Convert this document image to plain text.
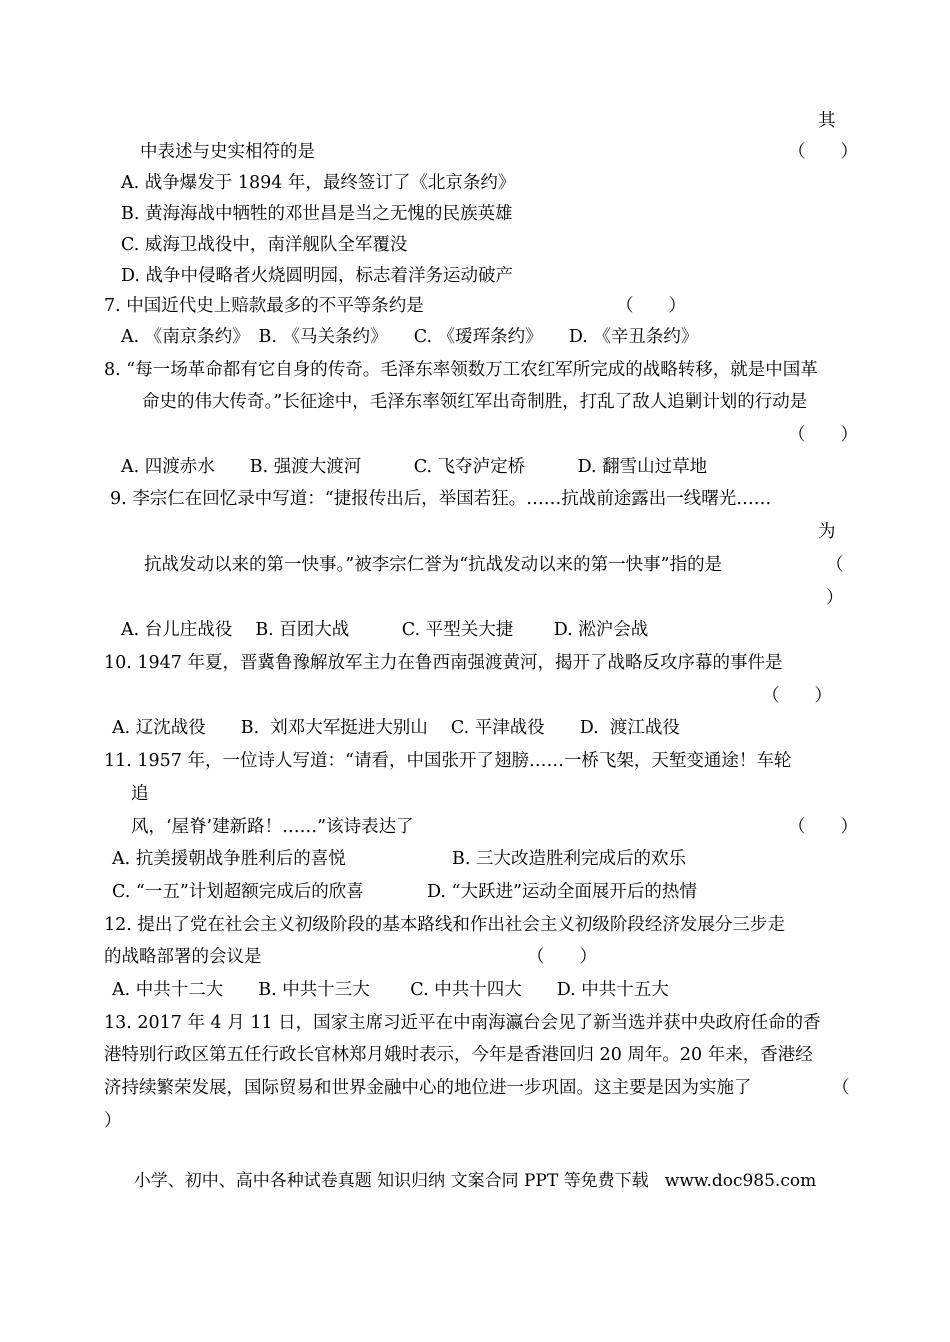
其
中表述与史实相符的是	（　　）
A. 战争爆发于 1894 年，最终签订了《北京条约》
B. 黄海海战中牺牲的邓世昌是当之无愧的民族英雄
C. 威海卫战役中，南洋舰队全军覆没
D. 战争中侵略者火烧圆明园，标志着洋务运动破产
7. 中国近代史上赔款最多的不平等条约是	（　　）
A. 《南京条约》　B. 《马关条约》　　C. 《瑷珲条约》　　D. 《辛丑条约》
8. “每一场革命都有它自身的传奇。毛泽东率领数万工农红军所完成的战略转移，就是中国革
命史的伟大传奇。”长征途中，毛泽东率领红军出奇制胜，打乱了敌人追剿计划的行动是
（　　）
A. 四渡赤水　　B. 强渡大渡河　　　C. 飞夺泸定桥　　　D. 翻雪山过草地
9. 李宗仁在回忆录中写道：“捷报传出后，举国若狂。……抗战前途露出一线曙光……
为
抗战发动以来的第一快事。”被李宗仁誉为“抗战发动以来的第一快事”指的是	（
）
A. 台儿庄战役　 B. 百团大战　　　C. 平型关大捷　　 D. 淞沪会战
10. 1947 年夏，晋冀鲁豫解放军主力在鲁西南强渡黄河，揭开了战略反攻序幕的事件是
（　　）
A. 辽沈战役　　B.  刘邓大军挺进大别山　 C. 平津战役　　D.  渡江战役
11. 1957 年，一位诗人写道：“请看，中国张开了翅膀……一桥飞架，天堑变通途！车轮
追
风，‘屋脊’建新路！……”该诗表达了	（　　）
A. 抗美援朝战争胜利后的喜悦	B. 三大改造胜利完成后的欢乐
C. “一五”计划超额完成后的欣喜	D. “大跃进”运动全面展开后的热情
12. 提出了党在社会主义初级阶段的基本路线和作出社会主义初级阶段经济发展分三步走
的战略部署的会议是	（　　）
A. 中共十二大　　B. 中共十三大　　 C. 中共十四大　　D. 中共十五大
13. 2017 年 4 月 11 日，国家主席习近平在中南海瀛台会见了新当选并获中央政府任命的香
港特别行政区第五任行政长官林郑月娥时表示，今年是香港回归 20 周年。20 年来，香港经
济持续繁荣发展，国际贸易和世界金融中心的地位进一步巩固。这主要是因为实施了	（
）
小学、初中、高中各种试卷真题 知识归纳 文案合同 PPT 等免费下载   www.doc985.com
